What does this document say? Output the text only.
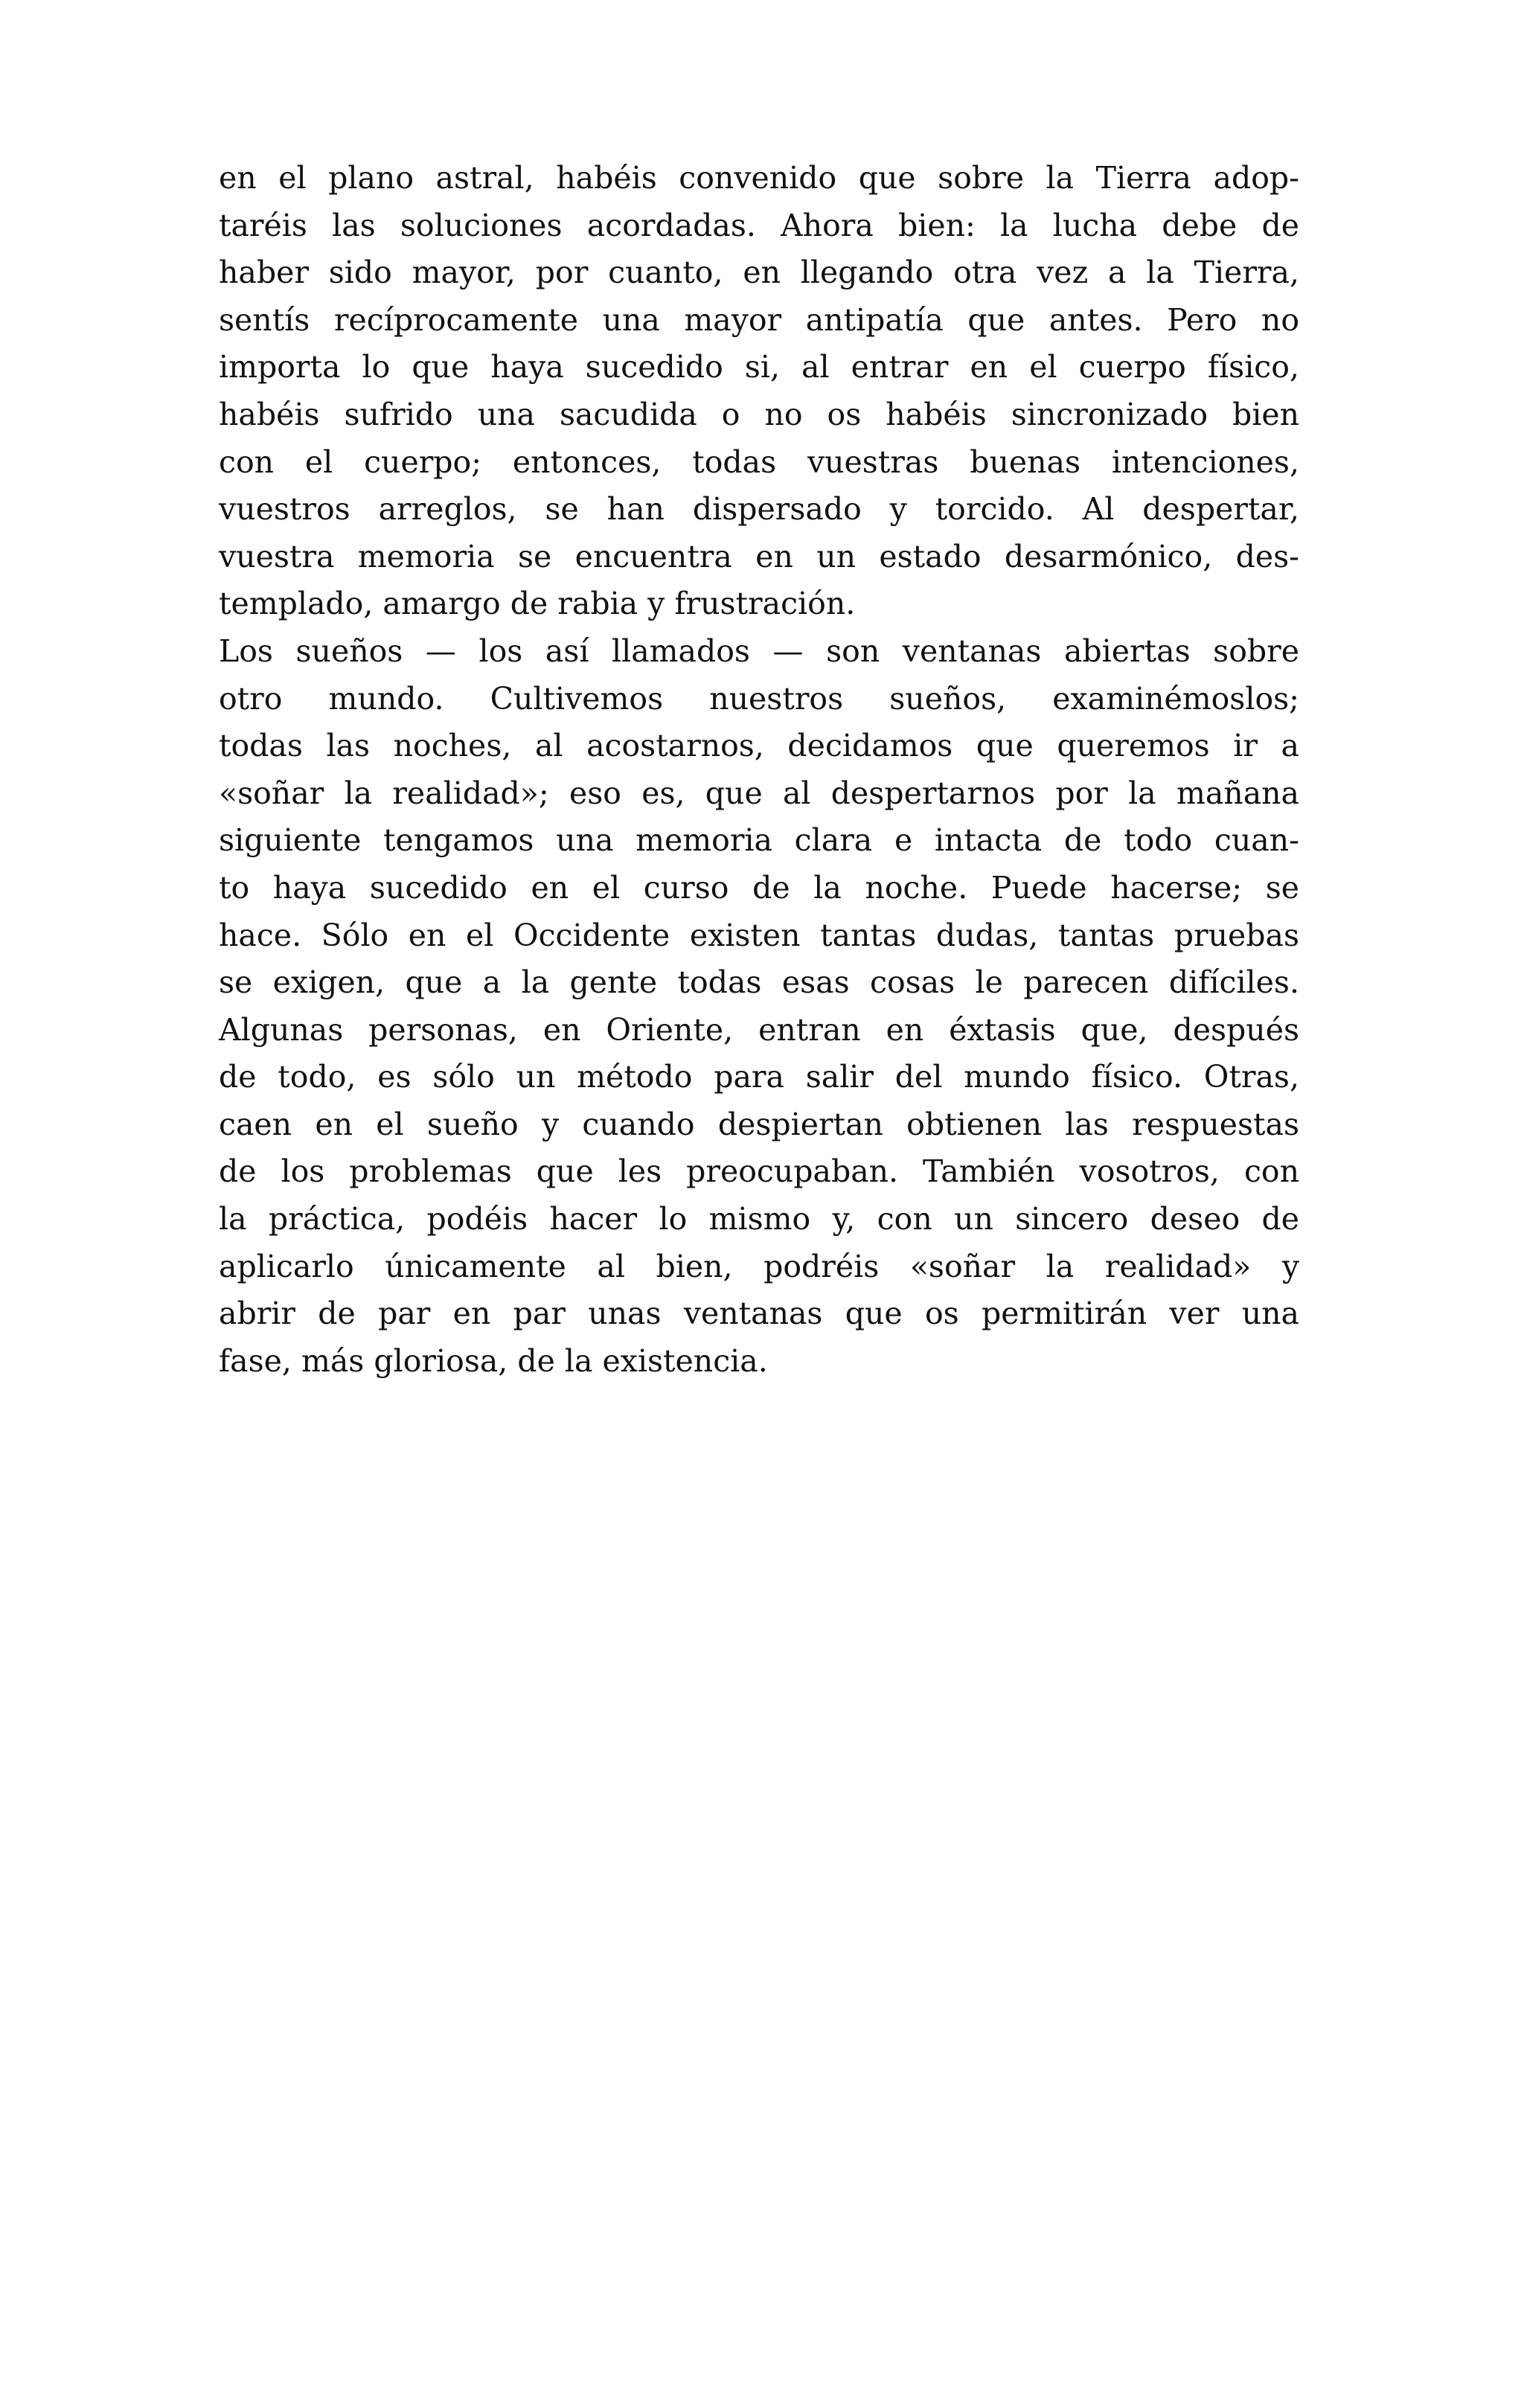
en el plano astral, habéis convenido que sobre la Tierra adop-
taréis las soluciones acordadas. Ahora bien: la lucha debe de
haber sido mayor, por cuanto, en llegando otra vez a la Tierra,
sentís recíprocamente una mayor antipatía que antes. Pero no
importa lo que haya sucedido si, al entrar en el cuerpo físico,
habéis sufrido una sacudida o no os habéis sincronizado bien
con el cuerpo; entonces, todas vuestras buenas intenciones,
vuestros arreglos, se han dispersado y torcido. Al despertar,
vuestra memoria se encuentra en un estado desarmónico, des-
templado, amargo de rabia y frustración.
Los sueños — los así llamados — son ventanas abiertas sobre
otro mundo. Cultivemos nuestros sueños, examinémoslos;
todas las noches, al acostarnos, decidamos que queremos ir a
«soñar la realidad»; eso es, que al despertarnos por la mañana
siguiente tengamos una memoria clara e intacta de todo cuan-
to haya sucedido en el curso de la noche. Puede hacerse; se
hace. Sólo en el Occidente existen tantas dudas, tantas pruebas
se exigen, que a la gente todas esas cosas le parecen difíciles.
Algunas personas, en Oriente, entran en éxtasis que, después
de todo, es sólo un método para salir del mundo físico. Otras,
caen en el sueño y cuando despiertan obtienen las respuestas
de los problemas que les preocupaban. También vosotros, con
la práctica, podéis hacer lo mismo y, con un sincero deseo de
aplicarlo únicamente al bien, podréis «soñar la realidad» y
abrir de par en par unas ventanas que os permitirán ver una
fase, más gloriosa, de la existencia.
